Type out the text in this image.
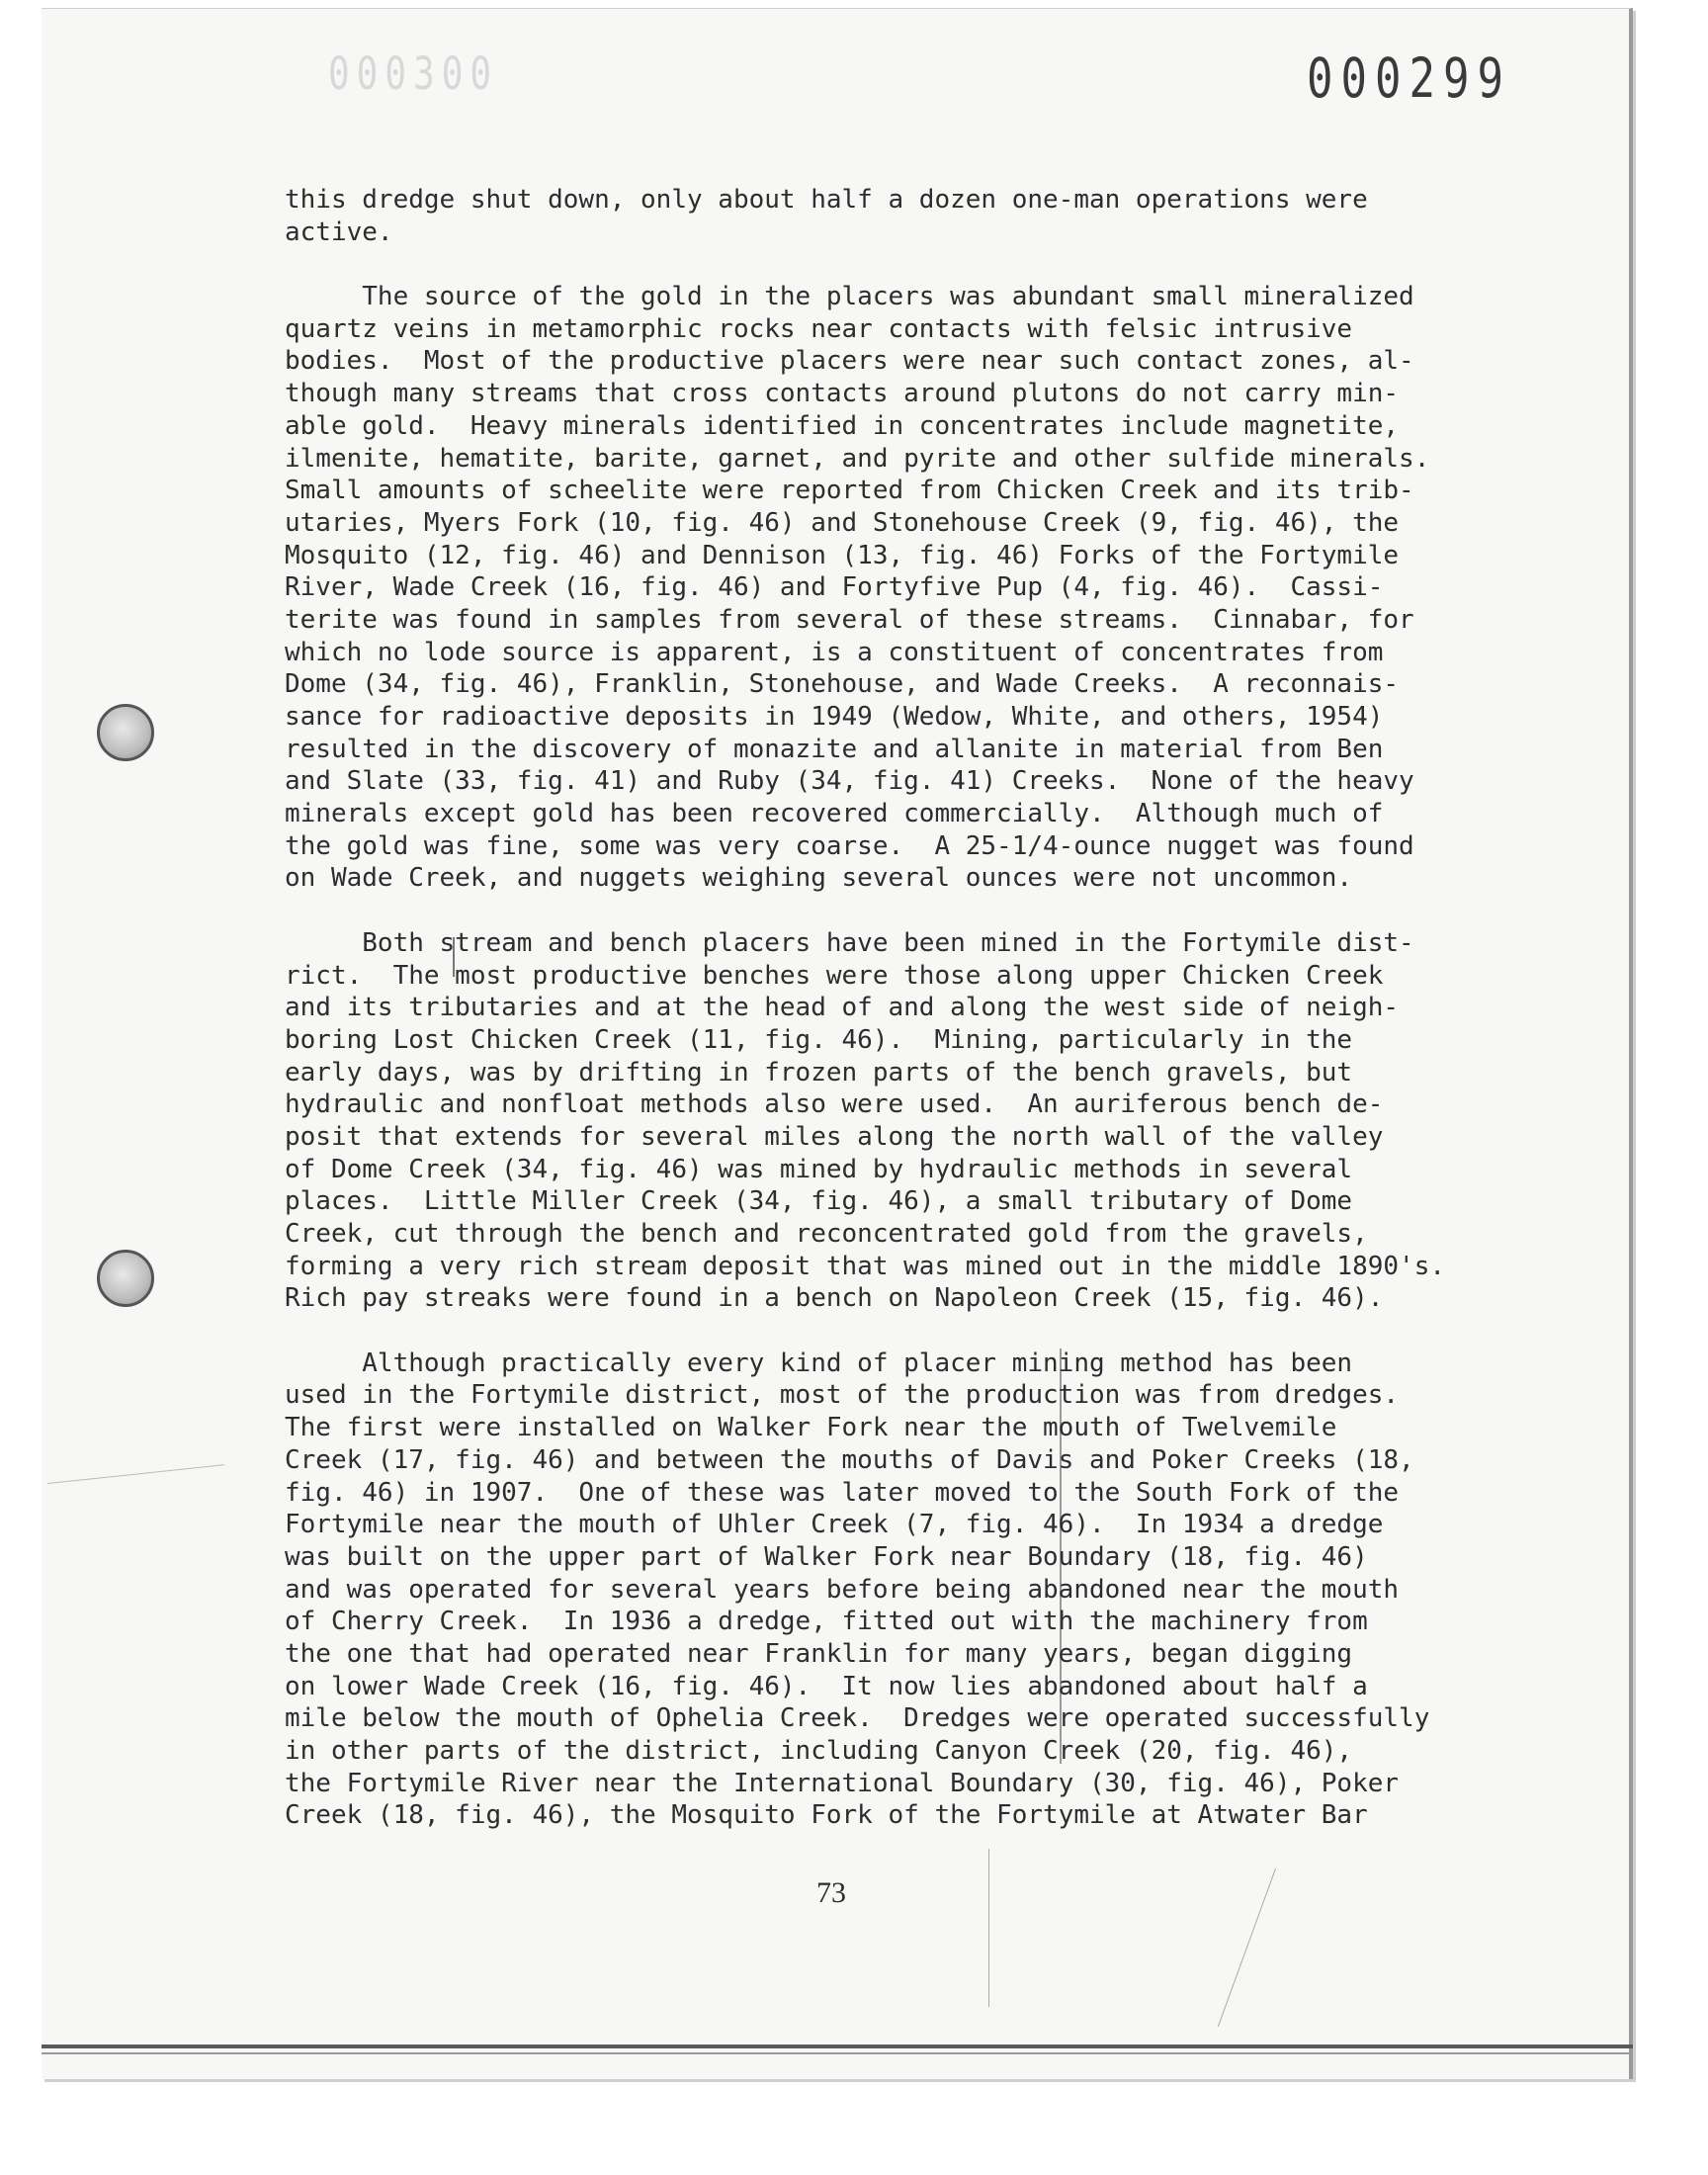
000300	000299
this dredge shut down, only about half a dozen one-man operations were
active.
The source of the gold in the placers was abundant small mineralized
quartz veins in metamorphic rocks near contacts with felsic intrusive
bodies.  Most of the productive placers were near such contact zones, al-
though many streams that cross contacts around plutons do not carry min-
able gold.  Heavy minerals identified in concentrates include magnetite,
ilmenite, hematite, barite, garnet, and pyrite and other sulfide minerals.
Small amounts of scheelite were reported from Chicken Creek and its trib-
utaries, Myers Fork (10, fig. 46) and Stonehouse Creek (9, fig. 46), the
Mosquito (12, fig. 46) and Dennison (13, fig. 46) Forks of the Fortymile
River, Wade Creek (16, fig. 46) and Fortyfive Pup (4, fig. 46).  Cassi-
terite was found in samples from several of these streams.  Cinnabar, for
which no lode source is apparent, is a constituent of concentrates from
Dome (34, fig. 46), Franklin, Stonehouse, and Wade Creeks.  A reconnais-
sance for radioactive deposits in 1949 (Wedow, White, and others, 1954)
resulted in the discovery of monazite and allanite in material from Ben
and Slate (33, fig. 41) and Ruby (34, fig. 41) Creeks.  None of the heavy
minerals except gold has been recovered commercially.  Although much of
the gold was fine, some was very coarse.  A 25-1/4-ounce nugget was found
on Wade Creek, and nuggets weighing several ounces were not uncommon.
Both stream and bench placers have been mined in the Fortymile dist-
rict.  The most productive benches were those along upper Chicken Creek
and its tributaries and at the head of and along the west side of neigh-
boring Lost Chicken Creek (11, fig. 46).  Mining, particularly in the
early days, was by drifting in frozen parts of the bench gravels, but
hydraulic and nonfloat methods also were used.  An auriferous bench de-
posit that extends for several miles along the north wall of the valley
of Dome Creek (34, fig. 46) was mined by hydraulic methods in several
places.  Little Miller Creek (34, fig. 46), a small tributary of Dome
Creek, cut through the bench and reconcentrated gold from the gravels,
forming a very rich stream deposit that was mined out in the middle 1890's.
Rich pay streaks were found in a bench on Napoleon Creek (15, fig. 46).
Although practically every kind of placer mining method has been
used in the Fortymile district, most of the production was from dredges.
The first were installed on Walker Fork near the mouth of Twelvemile
Creek (17, fig. 46) and between the mouths of Davis and Poker Creeks (18,
fig. 46) in 1907.  One of these was later moved to the South Fork of the
Fortymile near the mouth of Uhler Creek (7, fig. 46).  In 1934 a dredge
was built on the upper part of Walker Fork near Boundary (18, fig. 46)
and was operated for several years before being abandoned near the mouth
of Cherry Creek.  In 1936 a dredge, fitted out with the machinery from
the one that had operated near Franklin for many years, began digging
on lower Wade Creek (16, fig. 46).  It now lies abandoned about half a
mile below the mouth of Ophelia Creek.  Dredges were operated successfully
in other parts of the district, including Canyon Creek (20, fig. 46),
the Fortymile River near the International Boundary (30, fig. 46), Poker
Creek (18, fig. 46), the Mosquito Fork of the Fortymile at Atwater Bar
73
